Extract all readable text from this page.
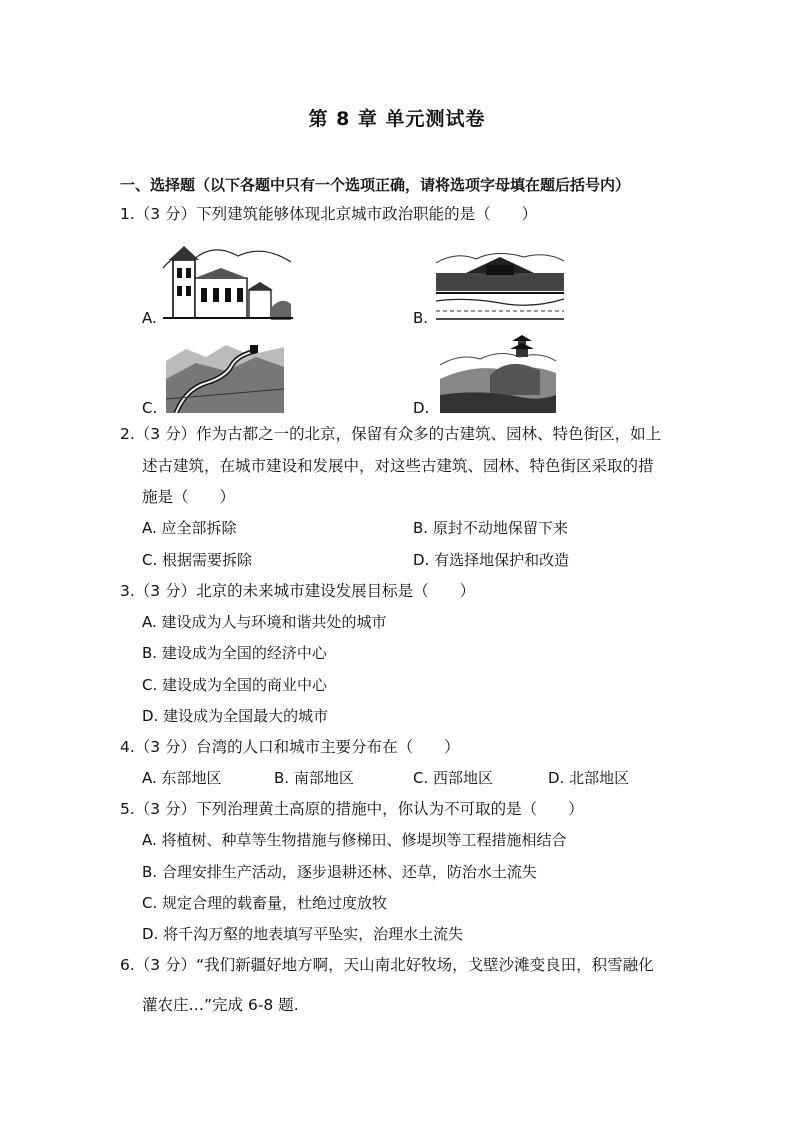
第 8 章 单元测试卷
一、选择题（以下各题中只有一个选项正确，请将选项字母填在题后括号内）
1.（3 分）下列建筑能够体现北京城市政治职能的是（　　）
A.	B.
C.	D.
2.（3 分）作为古都之一的北京，保留有众多的古建筑、园林、特色街区，如上
述古建筑，在城市建设和发展中，对这些古建筑、园林、特色街区采取的措
施是（　　）
A. 应全部拆除	B. 原封不动地保留下来
C. 根据需要拆除	D. 有选择地保护和改造
3.（3 分）北京的未来城市建设发展目标是（　　）
A. 建设成为人与环境和谐共处的城市
B. 建设成为全国的经济中心
C. 建设成为全国的商业中心
D. 建设成为全国最大的城市
4.（3 分）台湾的人口和城市主要分布在（　　）
A. 东部地区	B. 南部地区	C. 西部地区	D. 北部地区
5.（3 分）下列治理黄土高原的措施中，你认为不可取的是（　　）
A. 将植树、种草等生物措施与修梯田、修堤坝等工程措施相结合
B. 合理安排生产活动，逐步退耕还林、还草，防治水土流失
C. 规定合理的载畜量，杜绝过度放牧
D. 将千沟万壑的地表填写平坠实，治理水土流失
6.（3 分）“我们新疆好地方啊，天山南北好牧场，戈壁沙滩变良田，积雪融化
灌农庄…”完成 6-8 题.
